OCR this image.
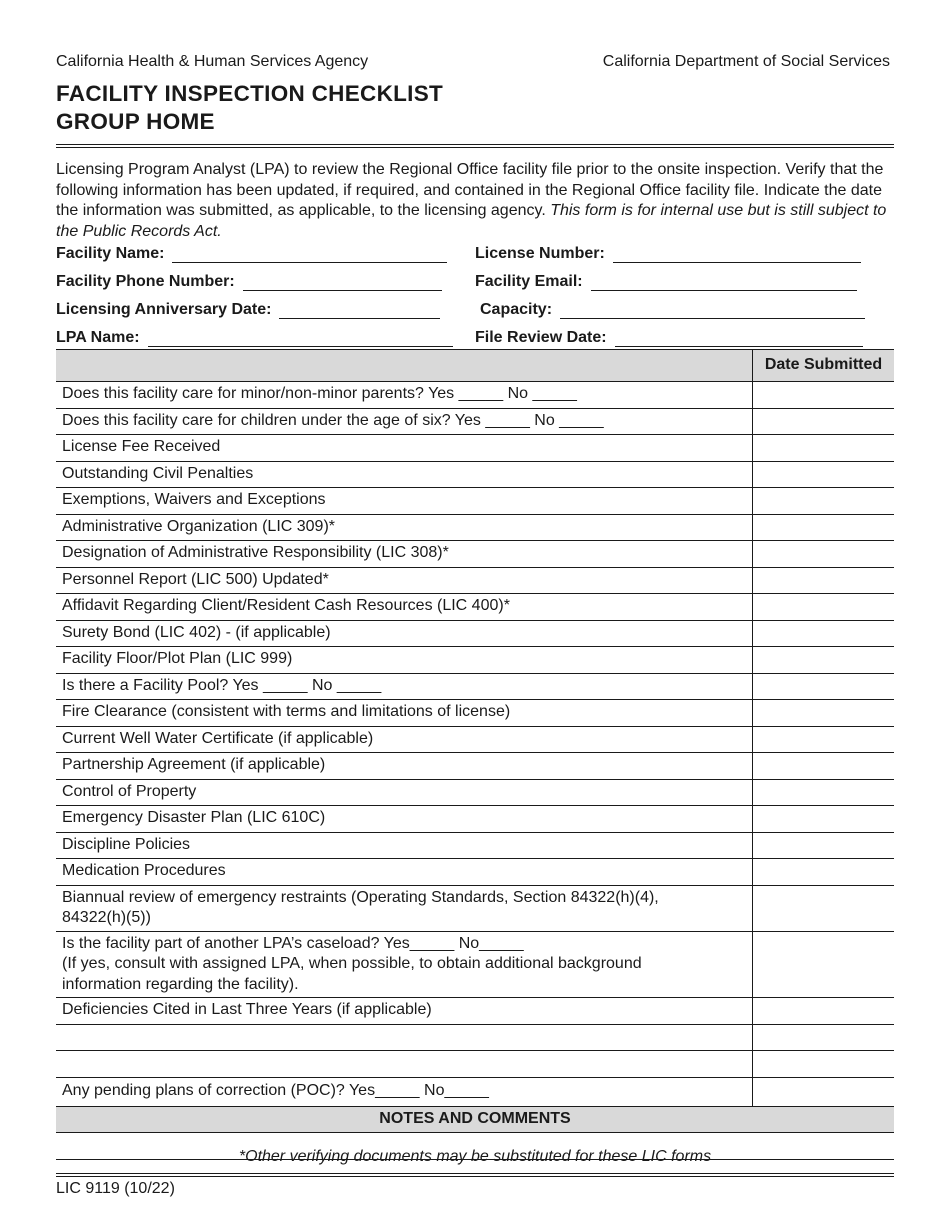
California Health & Human Services Agency	California Department of Social Services
FACILITY INSPECTION CHECKLIST
GROUP HOME
Licensing Program Analyst (LPA) to review the Regional Office facility file prior to the onsite inspection. Verify that the following information has been updated, if required, and contained in the Regional Office facility file. Indicate the date the information was submitted, as applicable, to the licensing agency. This form is for internal use but is still subject to the Public Records Act.
Facility Name:	License Number:
Facility Phone Number:	Facility Email:
Licensing Anniversary Date:	Capacity:
LPA Name:	File Review Date:
	Date Submitted
Does this facility care for minor/non-minor parents? Yes _____ No _____	
Does this facility care for children under the age of six? Yes _____ No _____	
License Fee Received	
Outstanding Civil Penalties	
Exemptions, Waivers and Exceptions	
Administrative Organization (LIC 309)*	
Designation of Administrative Responsibility (LIC 308)*	
Personnel Report (LIC 500) Updated*	
Affidavit Regarding Client/Resident Cash Resources (LIC 400)*	
Surety Bond (LIC 402) - (if applicable)	
Facility Floor/Plot Plan (LIC 999)	
Is there a Facility Pool? Yes _____ No _____	
Fire Clearance (consistent with terms and limitations of license)	
Current Well Water Certificate (if applicable)	
Partnership Agreement (if applicable)	
Control of Property	
Emergency Disaster Plan (LIC 610C)	
Discipline Policies	
Medication Procedures	

Biannual review of emergency restraints (Operating Standards, Section 84322(h)(4),
84322(h)(5))	

Is the facility part of another LPA’s caseload? Yes_____ No_____
(If yes, consult with assigned LPA, when possible, to obtain additional background
information regarding the facility).	

Deficiencies Cited in Last Three Years (if applicable)	

Any pending plans of correction (POC)? Yes_____ No_____	
NOTES AND COMMENTS	

*Other verifying documents may be substituted for these LIC forms
LIC 9119 (10/22)
